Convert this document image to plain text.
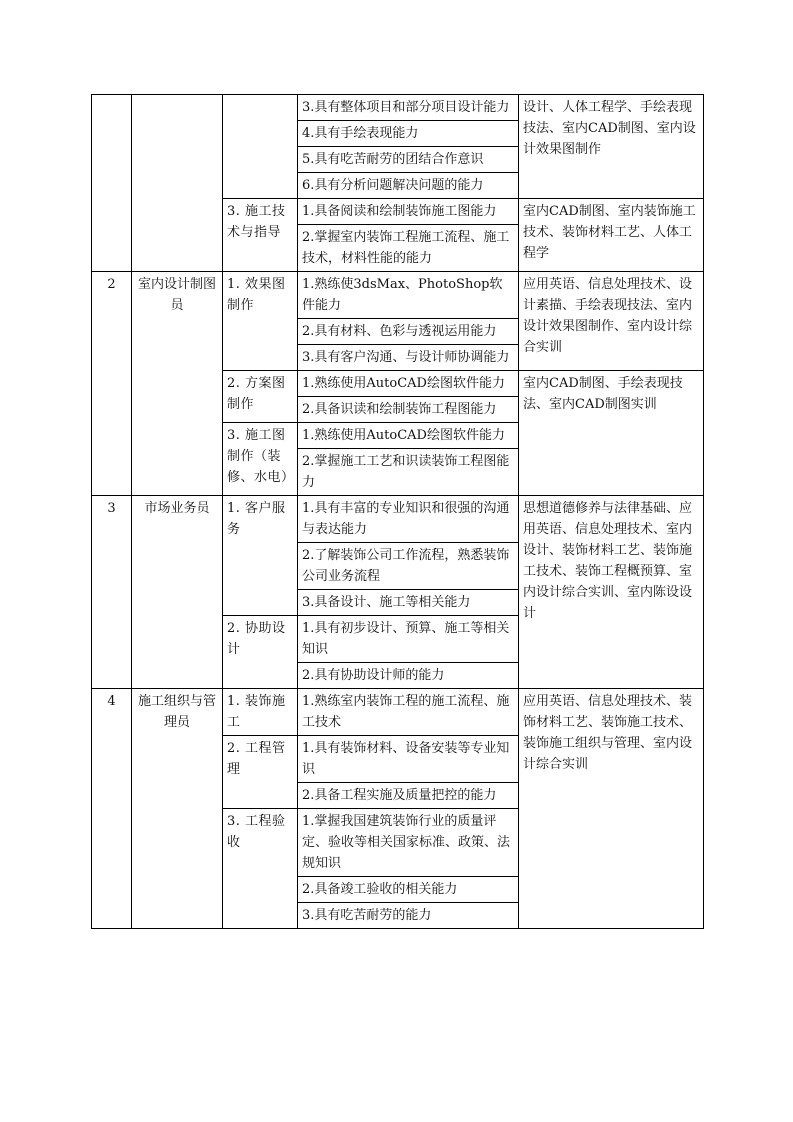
			3.具有整体项目和部分项目设计能力	设计、人体工程学、手绘表现技法、室内CAD制图、室内设计效果图制作
			4.具有手绘表现能力	
			5.具有吃苦耐劳的团结合作意识	
			6.具有分析问题解决问题的能力	
		3. 施工技术与指导	1.具备阅读和绘制装饰施工图能力	室内CAD制图、室内装饰施工技术、装饰材料工艺、人体工程学
			2.掌握室内装饰工程施工流程、施工技术，材料性能的能力	
2	室内设计制图员	1. 效果图制作	1.熟练使3dsMax、PhotoShop软件能力	应用英语、信息处理技术、设计素描、手绘表现技法、室内设计效果图制作、室内设计综合实训
			2.具有材料、色彩与透视运用能力	
			3.具有客户沟通、与设计师协调能力	
		2. 方案图制作	1.熟练使用AutoCAD绘图软件能力	室内CAD制图、手绘表现技法、室内CAD制图实训
			2.具备识读和绘制装饰工程图能力	
		3. 施工图制作（装修、水电）	1.熟练使用AutoCAD绘图软件能力	
			2.掌握施工工艺和识读装饰工程图能力	
3	市场业务员	1. 客户服务	1.具有丰富的专业知识和很强的沟通与表达能力	思想道德修养与法律基础、应用英语、信息处理技术、室内设计、装饰材料工艺、装饰施工技术、装饰工程概预算、室内设计综合实训、室内陈设设计
			2.了解装饰公司工作流程，熟悉装饰公司业务流程	
			3.具备设计、施工等相关能力	
		2. 协助设计	1.具有初步设计、预算、施工等相关知识	
			2.具有协助设计师的能力	
4	施工组织与管理员	1. 装饰施工	1.熟练室内装饰工程的施工流程、施工技术	应用英语、信息处理技术、装饰材料工艺、装饰施工技术、装饰施工组织与管理、室内设计综合实训
		2. 工程管理	1.具有装饰材料、设备安装等专业知识	
			2.具备工程实施及质量把控的能力	
		3. 工程验收	1.掌握我国建筑装饰行业的质量评定、验收等相关国家标准、政策、法规知识	
			2.具备竣工验收的相关能力	
			3.具有吃苦耐劳的能力	
